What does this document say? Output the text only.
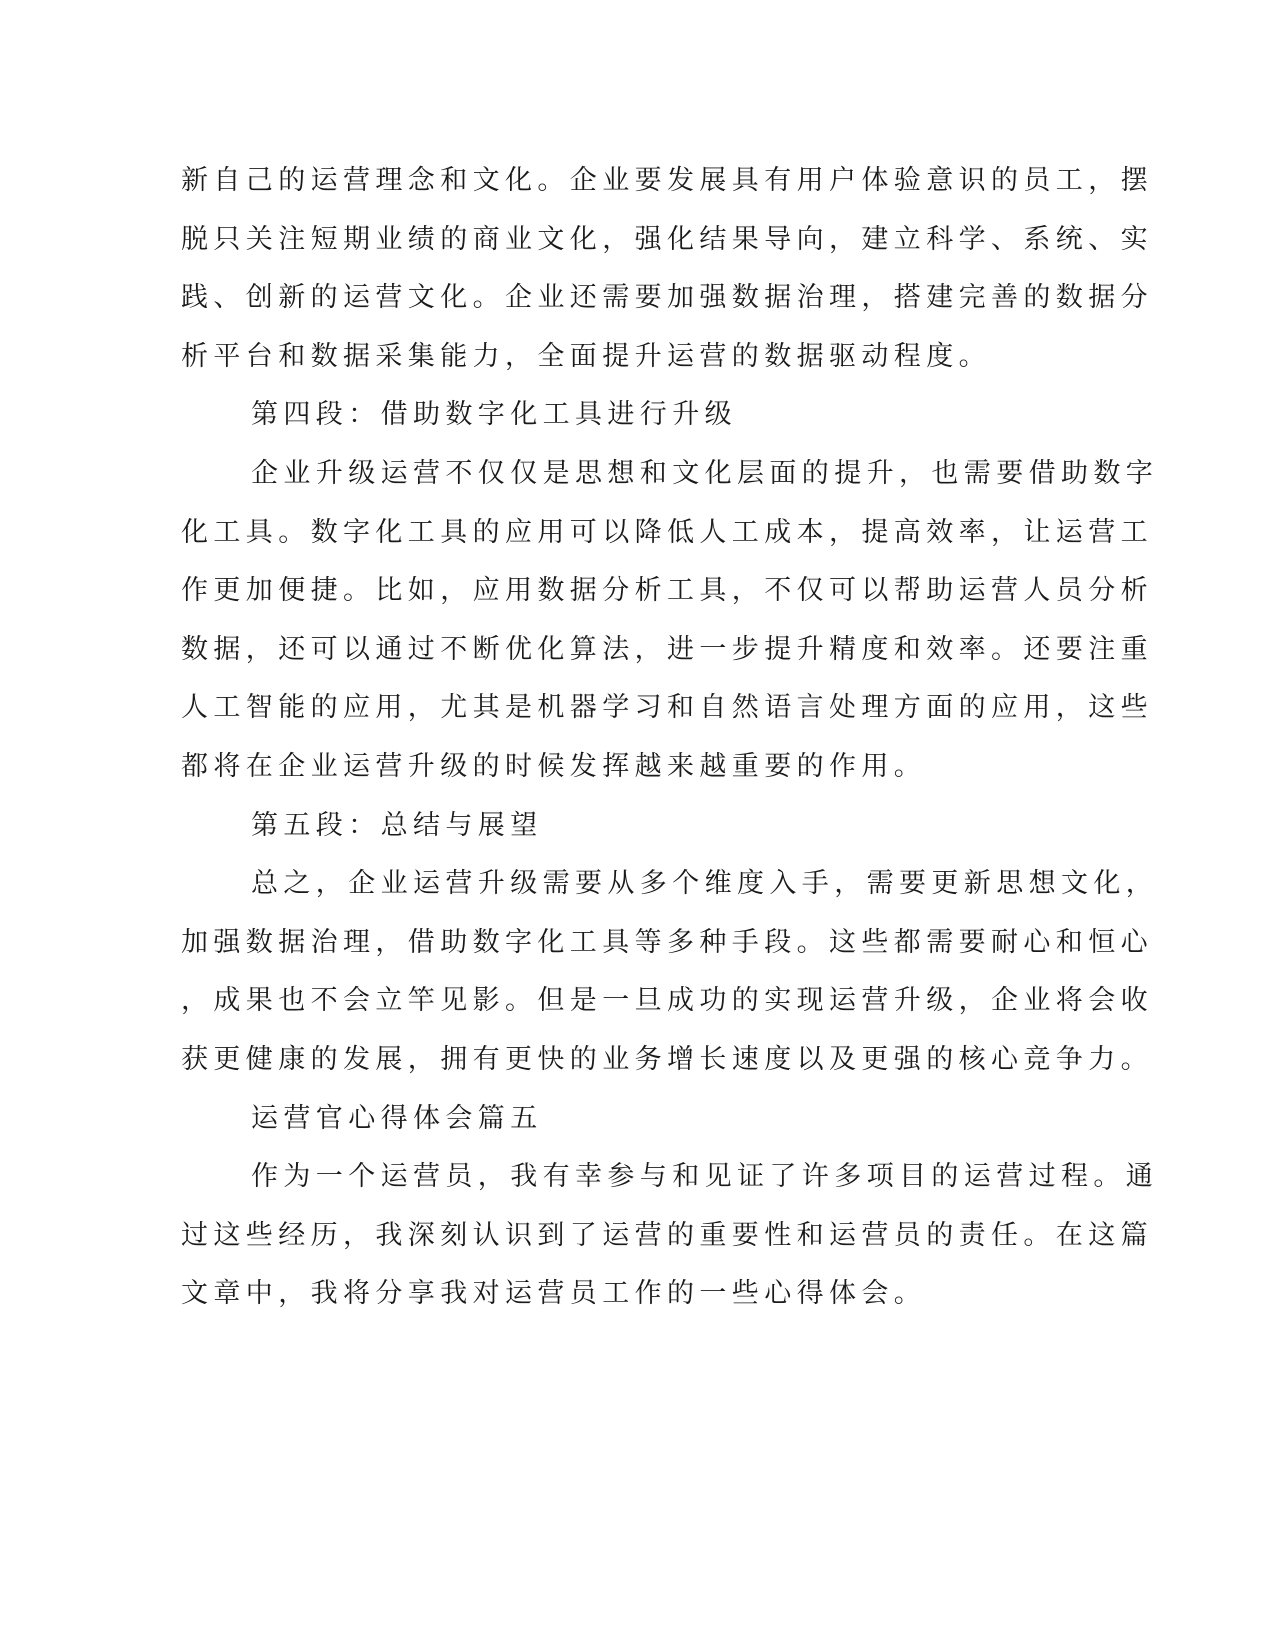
新自己的运营理念和文化。企业要发展具有用户体验意识的员工，摆
脱只关注短期业绩的商业文化，强化结果导向，建立科学、系统、实
践、创新的运营文化。企业还需要加强数据治理，搭建完善的数据分
析平台和数据采集能力，全面提升运营的数据驱动程度。
第四段：借助数字化工具进行升级
企业升级运营不仅仅是思想和文化层面的提升，也需要借助数字
化工具。数字化工具的应用可以降低人工成本，提高效率，让运营工
作更加便捷。比如，应用数据分析工具，不仅可以帮助运营人员分析
数据，还可以通过不断优化算法，进一步提升精度和效率。还要注重
人工智能的应用，尤其是机器学习和自然语言处理方面的应用，这些
都将在企业运营升级的时候发挥越来越重要的作用。
第五段：总结与展望
总之，企业运营升级需要从多个维度入手，需要更新思想文化，
加强数据治理，借助数字化工具等多种手段。这些都需要耐心和恒心
，成果也不会立竿见影。但是一旦成功的实现运营升级，企业将会收
获更健康的发展，拥有更快的业务增长速度以及更强的核心竞争力。
运营官心得体会篇五
作为一个运营员，我有幸参与和见证了许多项目的运营过程。通
过这些经历，我深刻认识到了运营的重要性和运营员的责任。在这篇
文章中，我将分享我对运营员工作的一些心得体会。
